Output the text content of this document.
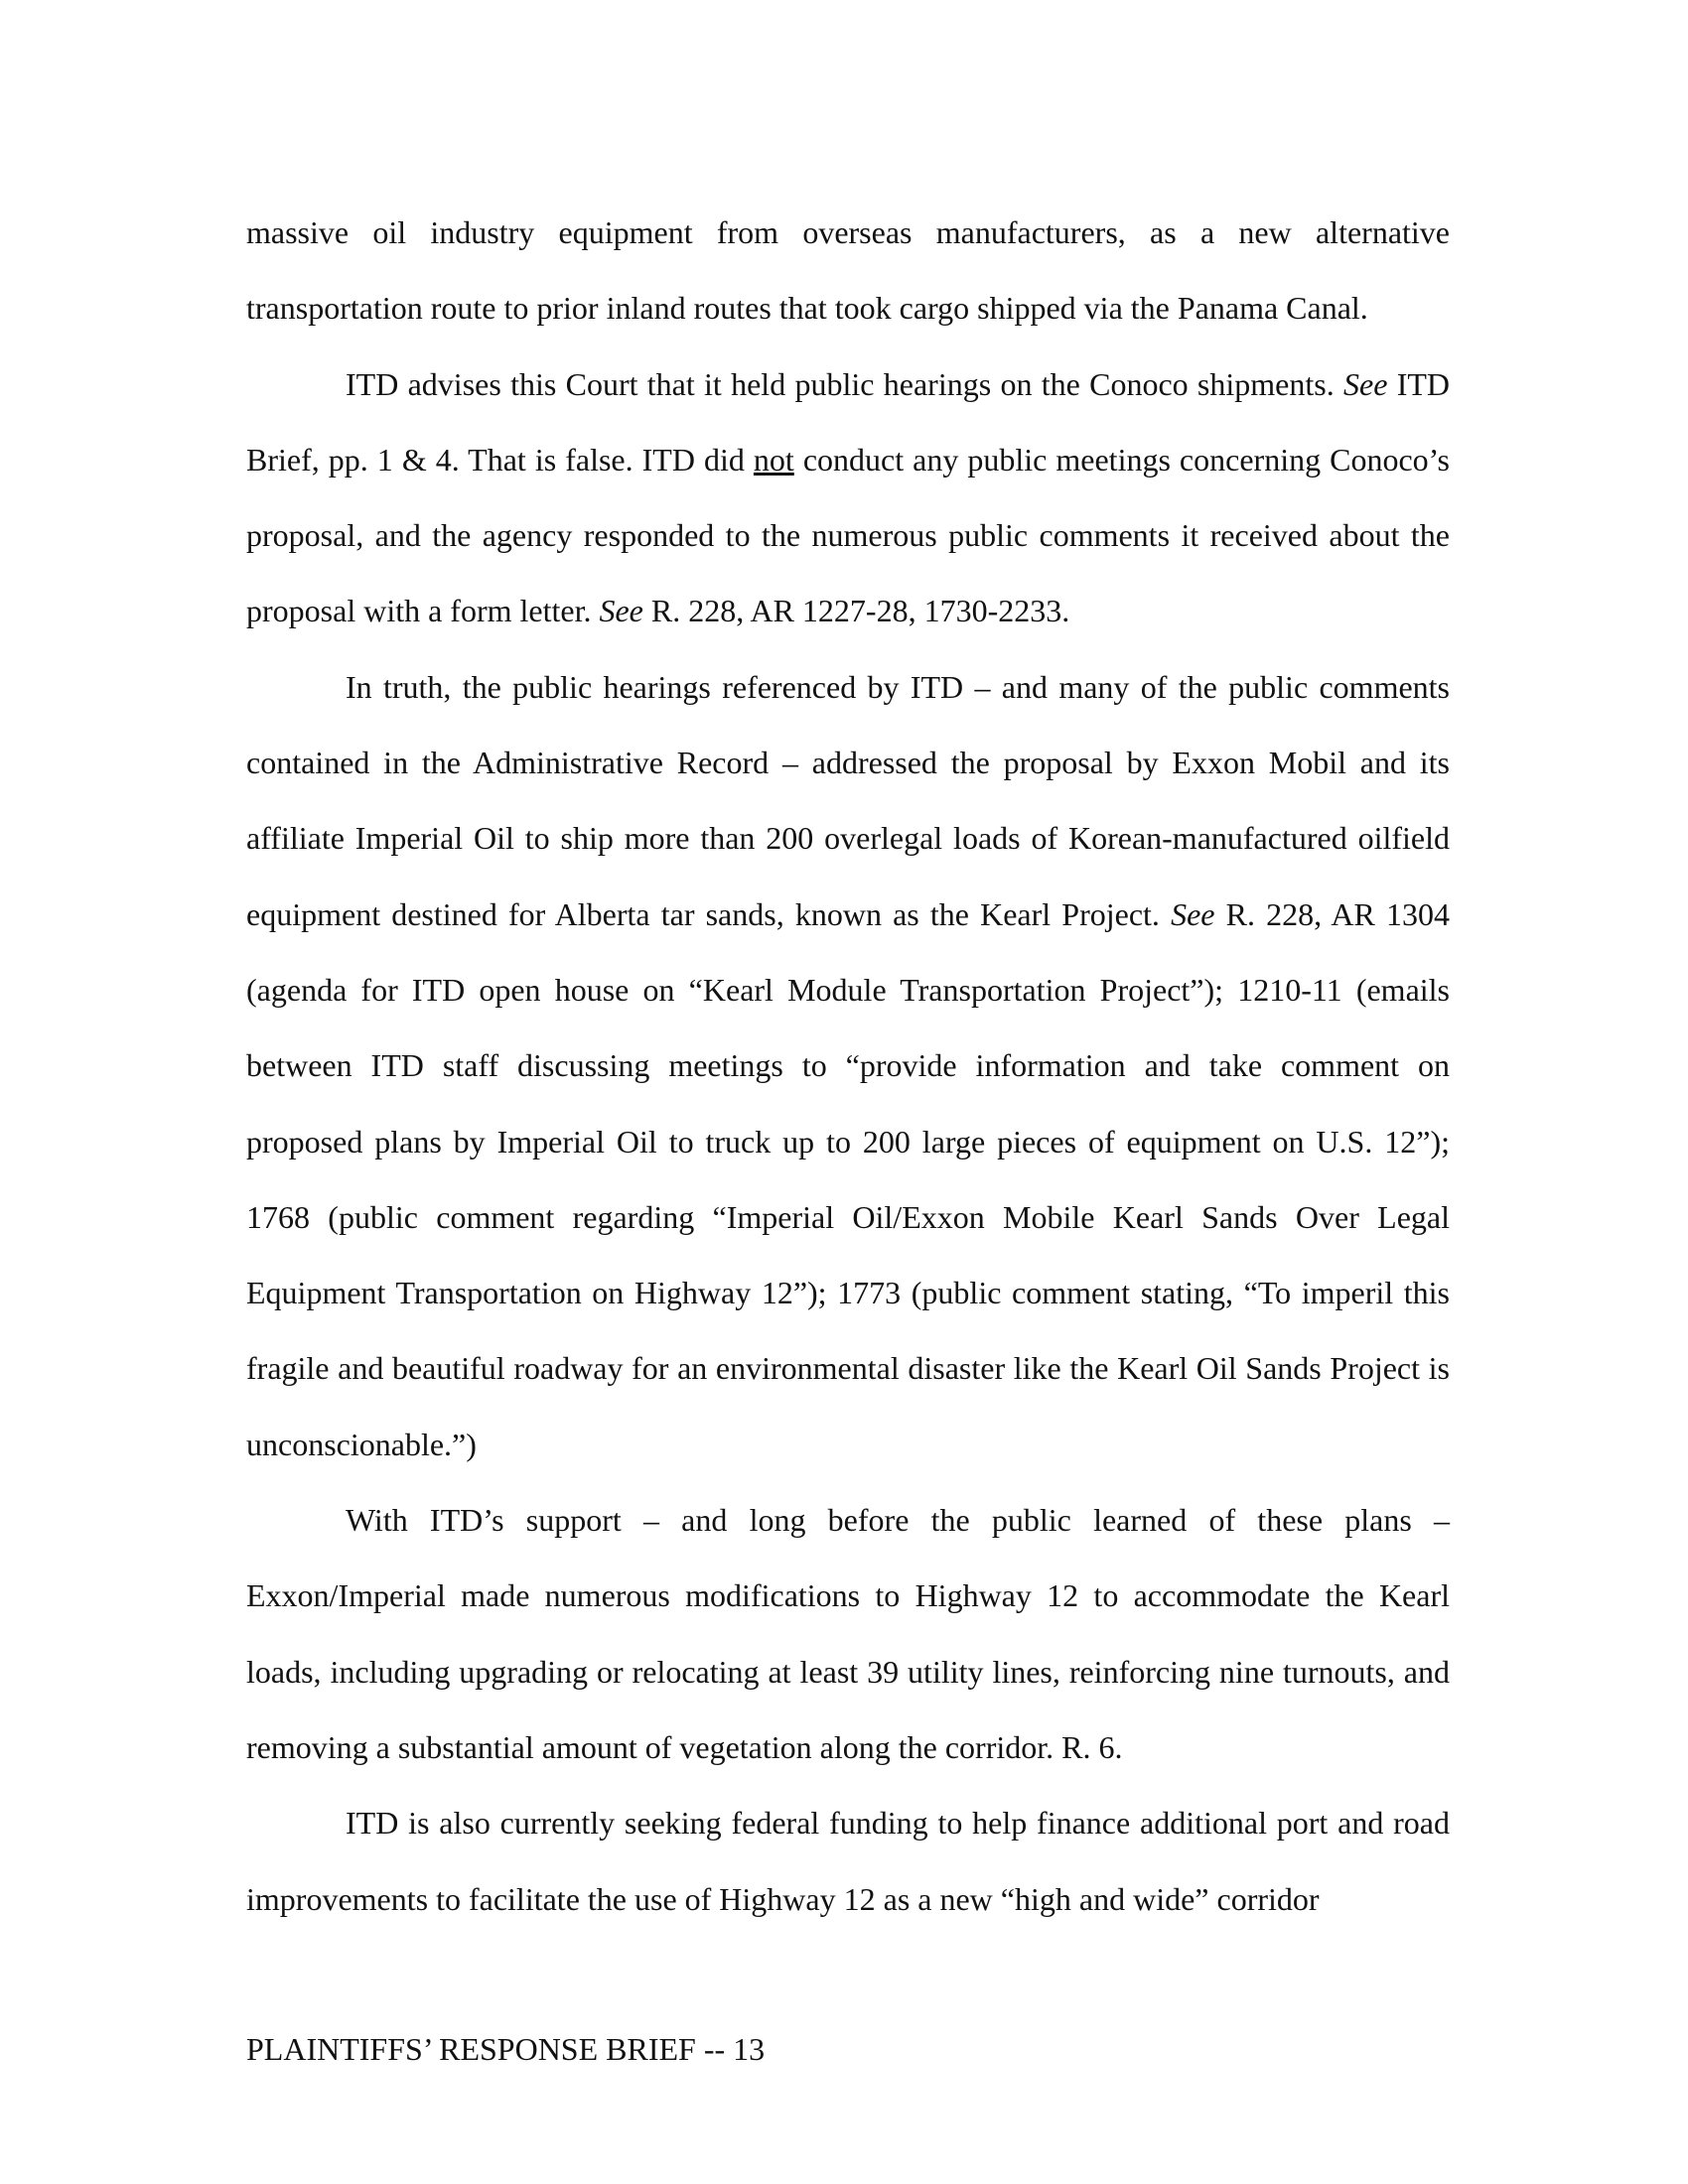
massive oil industry equipment from overseas manufacturers, as a new alternative transportation route to prior inland routes that took cargo shipped via the Panama Canal.

ITD advises this Court that it held public hearings on the Conoco shipments. See ITD Brief, pp. 1 & 4. That is false. ITD did not conduct any public meetings concerning Conoco’s proposal, and the agency responded to the numerous public comments it received about the proposal with a form letter. See R. 228, AR 1227-28, 1730-2233.

In truth, the public hearings referenced by ITD – and many of the public comments contained in the Administrative Record – addressed the proposal by Exxon Mobil and its affiliate Imperial Oil to ship more than 200 overlegal loads of Korean-manufactured oilfield equipment destined for Alberta tar sands, known as the Kearl Project. See R. 228, AR 1304 (agenda for ITD open house on “Kearl Module Transportation Project”); 1210-11 (emails between ITD staff discussing meetings to “provide information and take comment on proposed plans by Imperial Oil to truck up to 200 large pieces of equipment on U.S. 12”); 1768 (public comment regarding “Imperial Oil/Exxon Mobile Kearl Sands Over Legal Equipment Transportation on Highway 12”); 1773 (public comment stating, “To imperil this fragile and beautiful roadway for an environmental disaster like the Kearl Oil Sands Project is unconscionable.”)

With ITD’s support – and long before the public learned of these plans – Exxon/Imperial made numerous modifications to Highway 12 to accommodate the Kearl loads, including upgrading or relocating at least 39 utility lines, reinforcing nine turnouts, and removing a substantial amount of vegetation along the corridor. R. 6.

ITD is also currently seeking federal funding to help finance additional port and road improvements to facilitate the use of Highway 12 as a new “high and wide” corridor

PLAINTIFFS’ RESPONSE BRIEF -- 13
